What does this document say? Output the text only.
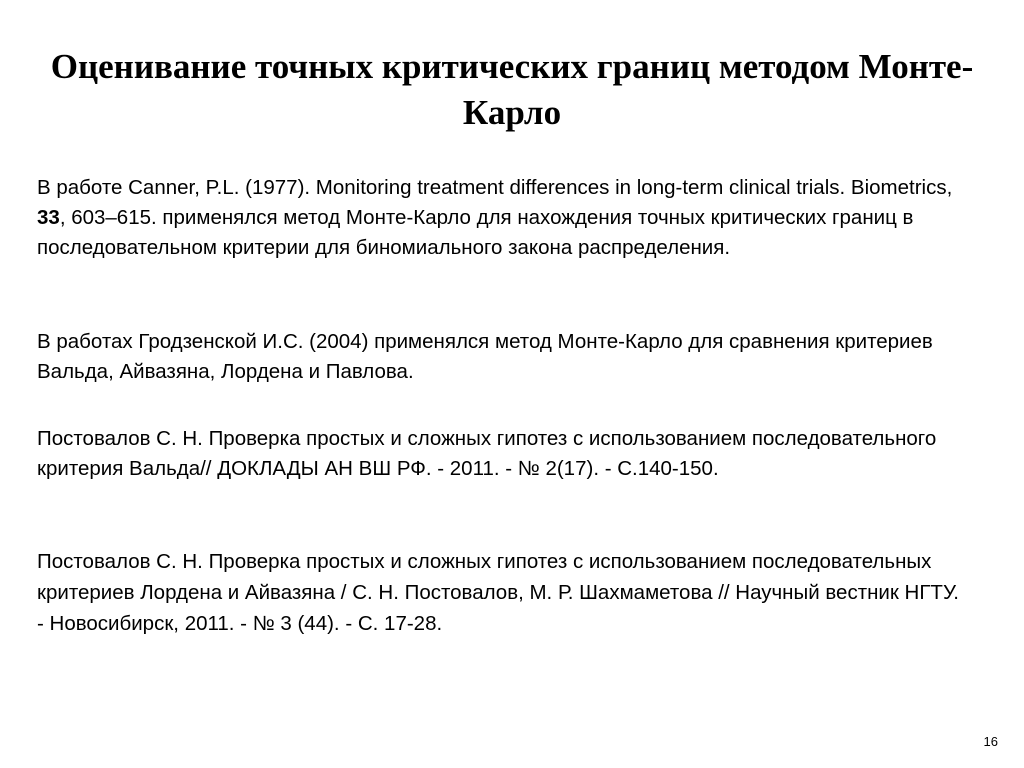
Оценивание точных критических границ методом Монте-Карло

В работе Canner, P.L. (1977). Monitoring treatment differences in long-term clinical trials. Biometrics, 33, 603–615. применялся метод Монте-Карло для нахождения точных критических границ в последовательном критерии для биномиального закона распределения.

В работах Гродзенской И.С. (2004) применялся метод Монте-Карло для сравнения критериев Вальда, Айвазяна, Лордена и Павлова.

Постовалов С. Н. Проверка простых и сложных гипотез с использованием последовательного критерия Вальда// ДОКЛАДЫ АН ВШ РФ. - 2011. - № 2(17). - С.140-150.

Постовалов С. Н. Проверка простых и сложных гипотез с использованием последовательных критериев Лордена и Айвазяна / С. Н. Постовалов, М. Р. Шахмаметова // Научный вестник НГТУ. - Новосибирск, 2011. - № 3 (44). - С. 17-28.

16
